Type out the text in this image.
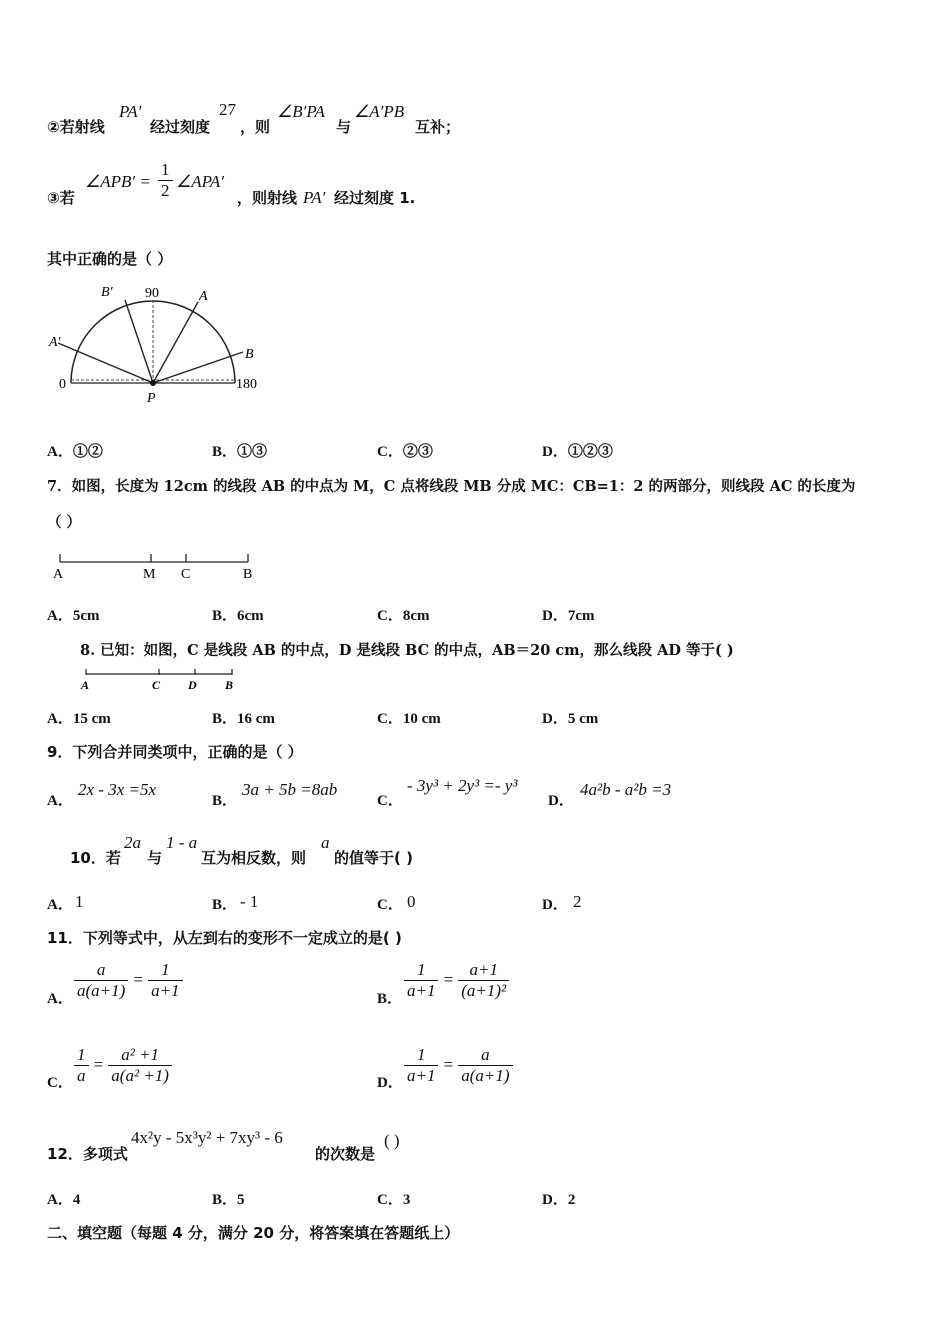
②若射线
PA′
经过刻度
27
，则
∠B′PA
与
∠A′PB
互补；
③若
∠APB′ = $\frac{1}{2}$ ∠APA′
，则射线 PA′ 经过刻度 1.
其中正确的是（ ）
90
0	180
P
A
B
A′
B′
A．①②	B．①③	C．②③	D．①②③
7．如图，长度为 12cm 的线段 AB 的中点为 M，C 点将线段 MB 分成 MC：CB=1：2 的两部分，则线段 AC 的长度为
（ ）
A	M C	B
A．5cm	B．6cm	C．8cm	D．7cm
8. 已知：如图，C 是线段 AB 的中点，D 是线段 BC 的中点，AB＝20 cm，那么线段 AD 等于( )
A	C D B
A．15 cm	B．16 cm	C．10 cm	D．5 cm
9．下列合并同类项中，正确的是（ ）
A．
2x - 3x =5x
B．
3a + 5b =8ab
C．
- 3y³ + 2y³ =- y³
D．
4a²b - a²b =3
10．若
2a
与
1 - a
互为相反数，则
a
的值等于( )
A． 1	B． - 1	C． 0	D． 2
11．下列等式中，从左到右的变形不一定成立的是( )
A． $\frac{a}{a(a+1)} = \frac{1}{a+1}$	B． $\frac{1}{a+1} = \frac{a+1}{\text{(a+1)²}}$
C． $\frac{1}{a} = \frac{\text{a² +1}}{\text{a(a² +1)}}$	D． $\frac{1}{a+1} = \frac{a}{a(a+1)}$
12．多项式
4x²y - 5x³y² + 7xy³ - 6
的次数是
( )
A．4	B．5	C．3	D．2
二、填空题（每题 4 分，满分 20 分，将答案填在答题纸上）
